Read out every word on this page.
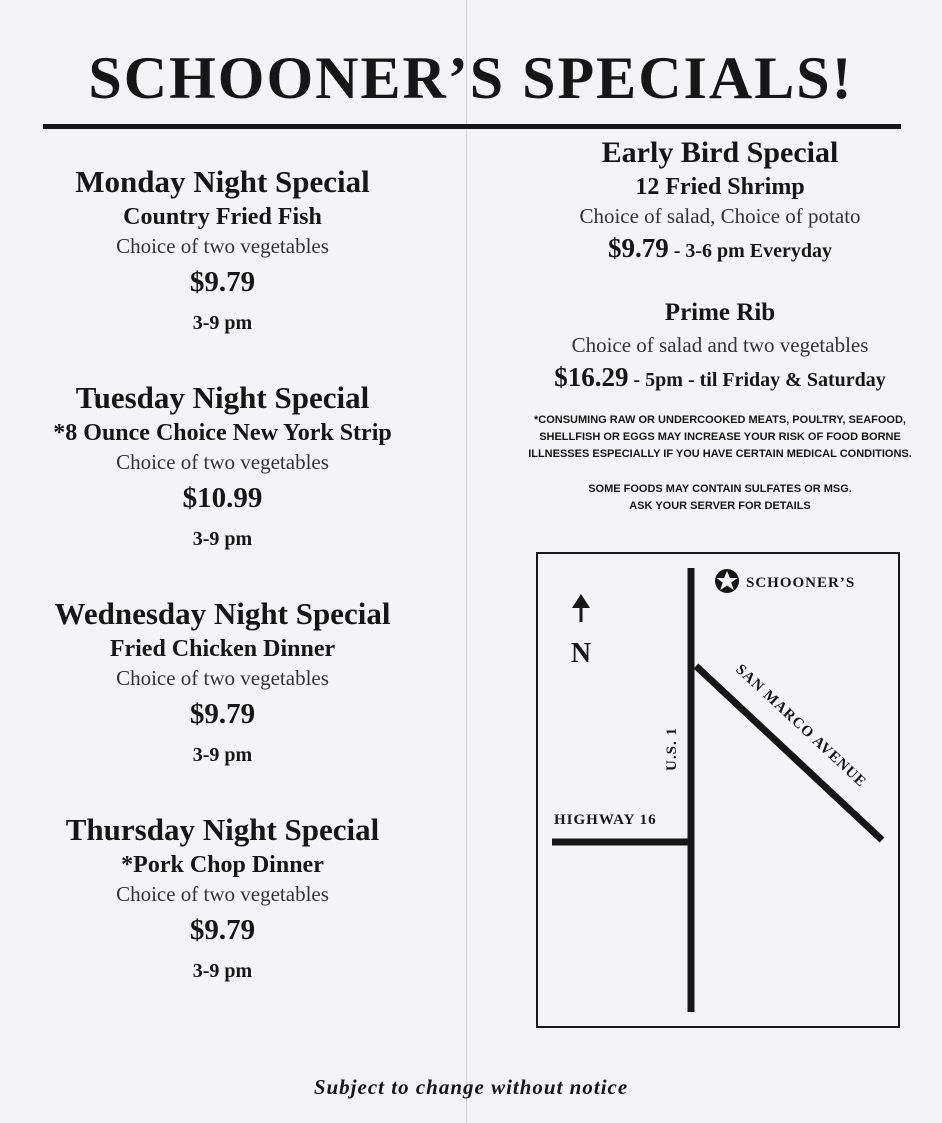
SCHOONER’S SPECIALS!
Monday Night Special
Country Fried Fish
Choice of two vegetables
$9.79
3-9 pm
Tuesday Night Special
*8 Ounce Choice New York Strip
Choice of two vegetables
$10.99
3-9 pm
Wednesday Night Special
Fried Chicken Dinner
Choice of two vegetables
$9.79
3-9 pm
Thursday Night Special
*Pork Chop Dinner
Choice of two vegetables
$9.79
3-9 pm
Early Bird Special
12 Fried Shrimp
Choice of salad, Choice of potato
$9.79 - 3-6 pm Everyday
Prime Rib
Choice of salad and two vegetables
$16.29 - 5pm - til Friday & Saturday
*CONSUMING RAW OR UNDERCOOKED MEATS, POULTRY, SEAFOOD, SHELLFISH OR EGGS MAY INCREASE YOUR RISK OF FOOD BORNE ILLNESSES ESPECIALLY IF YOU HAVE CERTAIN MEDICAL CONDITIONS.
SOME FOODS MAY CONTAIN SULFATES OR MSG.
ASK YOUR SERVER FOR DETAILS
N
U.S. 1	SAN MARCO AVENUE
HIGHWAY 16
SCHOONER’S
Subject to change without notice
